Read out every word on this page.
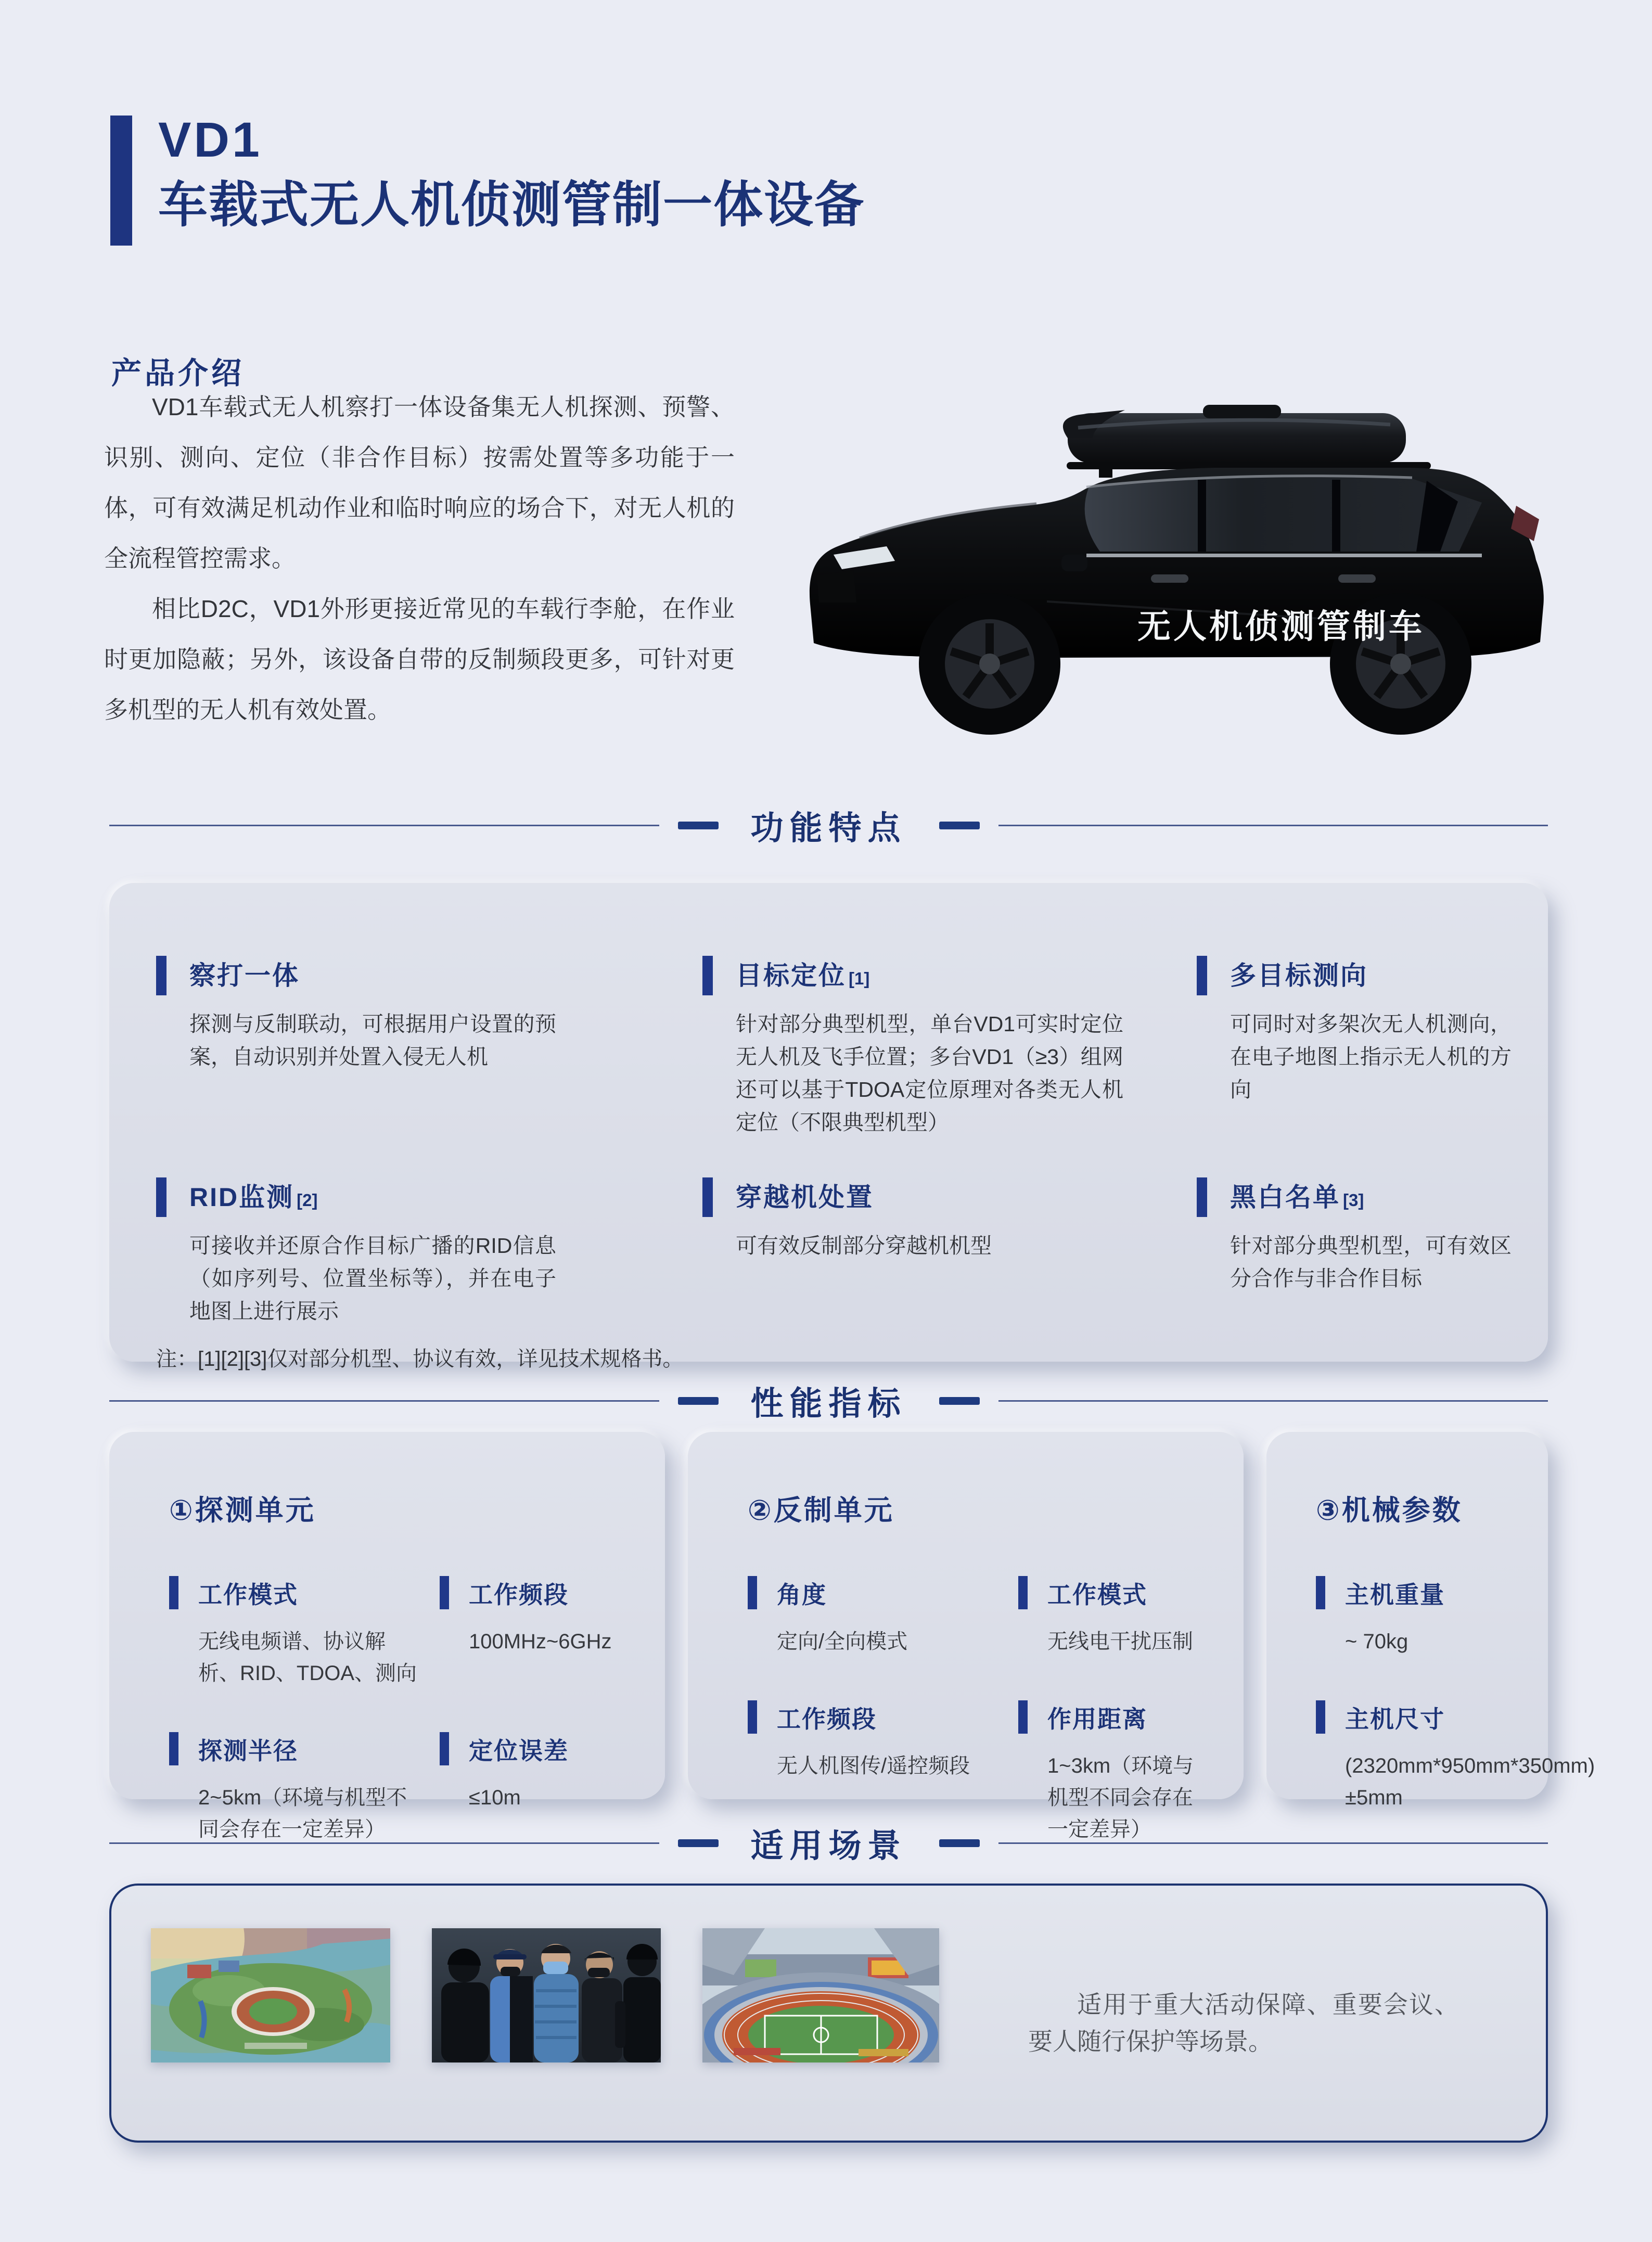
VD1
车载式无人机侦测管制一体设备
产品介绍

VD1车载式无人机察打一体设备集无人机探测、预警、识别、测向、定位（非合作目标）按需处置等多功能于一体，可有效满足机动作业和临时响应的场合下，对无人机的全流程管控需求。

相比D2C，VD1外形更接近常见的车载行李舱，在作业时更加隐蔽；另外，该设备自带的反制频段更多，可针对更多机型的无人机有效处置。

无人机侦测管制车
功能特点
察打一体
探测与反制联动，可根据用户设置的预案，自动识别并处置入侵无人机
目标定位 [1]
针对部分典型机型，单台VD1可实时定位无人机及飞手位置；多台VD1（≥3）组网还可以基于TDOA定位原理对各类无人机定位（不限典型机型）
多目标测向
可同时对多架次无人机测向，在电子地图上指示无人机的方向
RID监测 [2]
可接收并还原合作目标广播的RID信息（如序列号、位置坐标等），并在电子地图上进行展示
穿越机处置
可有效反制部分穿越机机型
黑白名单 [3]
针对部分典型机型，可有效区分合作与非合作目标
注：[1][2][3]仅对部分机型、协议有效，详见技术规格书。
性能指标
①探测单元
工作模式
无线电频谱、协议解析、RID、TDOA、测向
工作频段
100MHz~6GHz
探测半径
2~5km（环境与机型不同会存在一定差异）
定位误差
≤10m
②反制单元
角度
定向/全向模式
工作模式
无线电干扰压制
工作频段
无人机图传/遥控频段
作用距离
1~3km（环境与机型不同会存在一定差异）
③机械参数
主机重量
~ 70kg
主机尺寸
(2320mm*950mm*350mm)±5mm
适用场景

适用于重大活动保障、重要会议、要人随行保护等场景。
